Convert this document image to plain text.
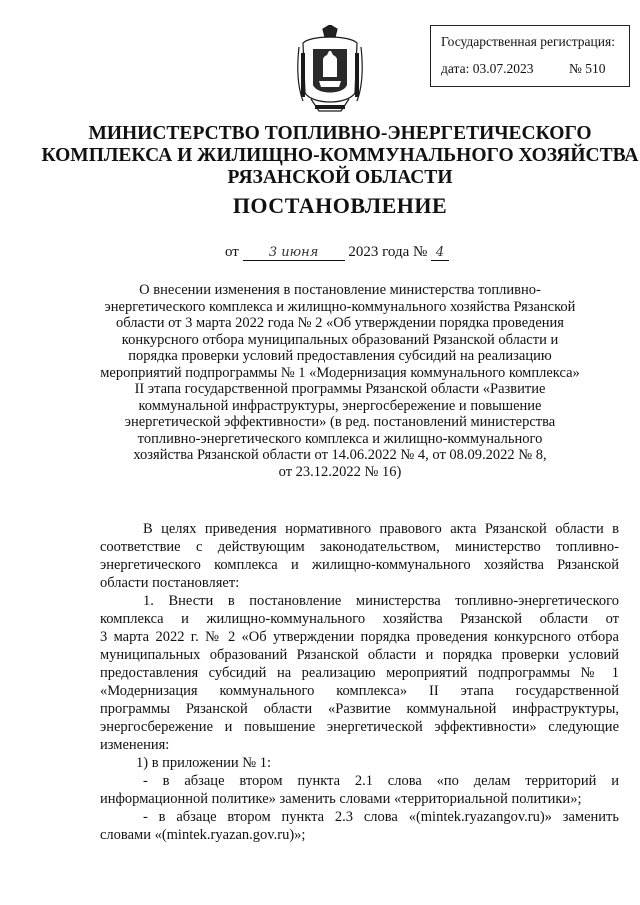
Государственная регистрация:
дата: 03.07.2023	№ 510
МИНИСТЕРСТВО ТОПЛИВНО-ЭНЕРГЕТИЧЕСКОГО
КОМПЛЕКСА И ЖИЛИЩНО-КОММУНАЛЬНОГО ХОЗЯЙСТВА
РЯЗАНСКОЙ ОБЛАСТИ
ПОСТАНОВЛЕНИЕ
от 3 июня 2023 года № 4
О внесении изменения в постановление министерства топливно-
энергетического комплекса и жилищно-коммунального хозяйства Рязанской
области от 3 марта 2022 года № 2 «Об утверждении порядка проведения
конкурсного отбора муниципальных образований Рязанской области и
порядка проверки условий предоставления субсидий на реализацию
мероприятий подпрограммы № 1 «Модернизация коммунального комплекса»
II этапа государственной программы Рязанской области «Развитие
коммунальной инфраструктуры, энергосбережение и повышение
энергетической эффективности» (в ред. постановлений министерства
топливно-энергетического комплекса и жилищно-коммунального
хозяйства Рязанской области от 14.06.2022 № 4, от 08.09.2022 № 8,
от 23.12.2022 № 16)
В целях приведения нормативного правового акта Рязанской области в
соответствие с действующим законодательством, министерство топливно-
энергетического комплекса и жилищно-коммунального хозяйства Рязанской
области постановляет:
1. Внести в постановление министерства топливно-энергетического
комплекса и жилищно-коммунального хозяйства Рязанской области от
3 марта 2022 г. № 2 «Об утверждении порядка проведения конкурсного отбора
муниципальных образований Рязанской области и порядка проверки условий
предоставления субсидий на реализацию мероприятий подпрограммы № 1
«Модернизация коммунального комплекса» II этапа государственной
программы Рязанской области «Развитие коммунальной инфраструктуры,
энергосбережение и повышение энергетической эффективности» следующие
изменения:
1) в приложении № 1:
- в абзаце втором пункта 2.1 слова «по делам территорий и
информационной политике» заменить словами «территориальной политики»;
- в абзаце втором пункта 2.3 слова «(mintek.ryazangov.ru)» заменить
словами «(mintek.ryazan.gov.ru)»;
